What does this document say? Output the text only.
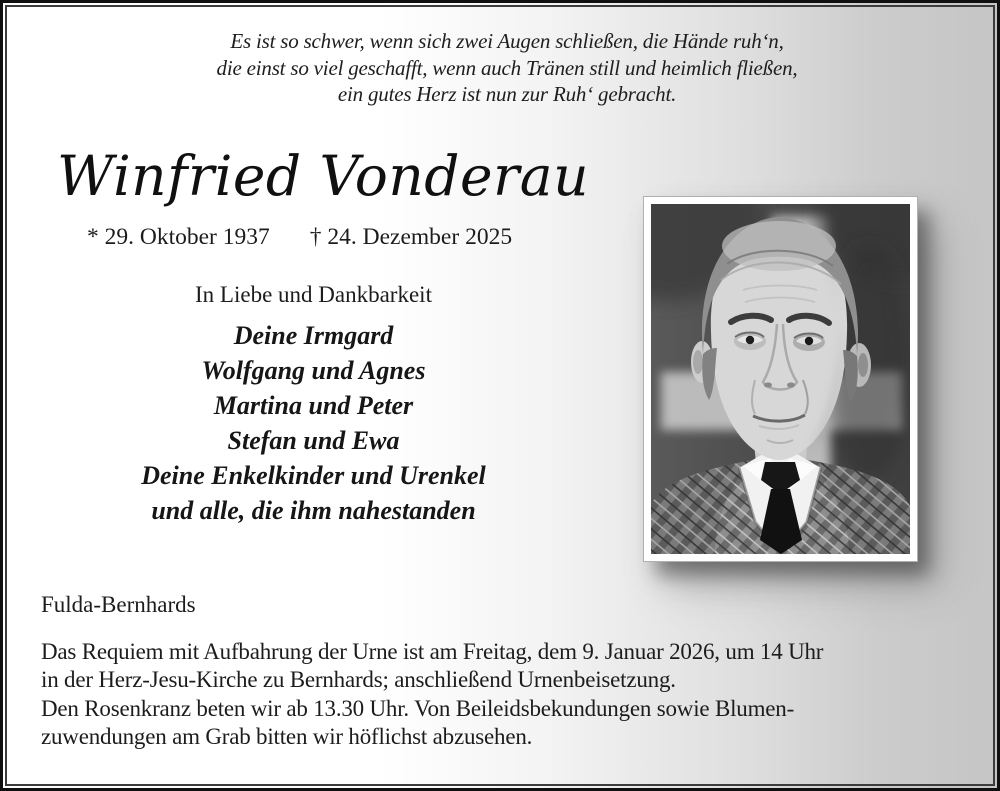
Es ist so schwer, wenn sich zwei Augen schließen, die Hände ruh‘n,
die einst so viel geschafft, wenn auch Tränen still und heimlich fließen,
ein gutes Herz ist nun zur Ruh‘ gebracht.
Winfried Vonderau
* 29. Oktober 1937 † 24. Dezember 2025
In Liebe und Dankbarkeit
Deine Irmgard
Wolfgang und Agnes
Martina und Peter
Stefan und Ewa
Deine Enkelkinder und Urenkel
und alle, die ihm nahestanden
Fulda-Bernhards
Das Requiem mit Aufbahrung der Urne ist am Freitag, dem 9. Januar 2026, um 14 Uhr
in der Herz-Jesu-Kirche zu Bernhards; anschließend Urnenbeisetzung.
Den Rosenkranz beten wir ab 13.30 Uhr. Von Beileidsbekundungen sowie Blumen-
zuwendungen am Grab bitten wir höflichst abzusehen.
